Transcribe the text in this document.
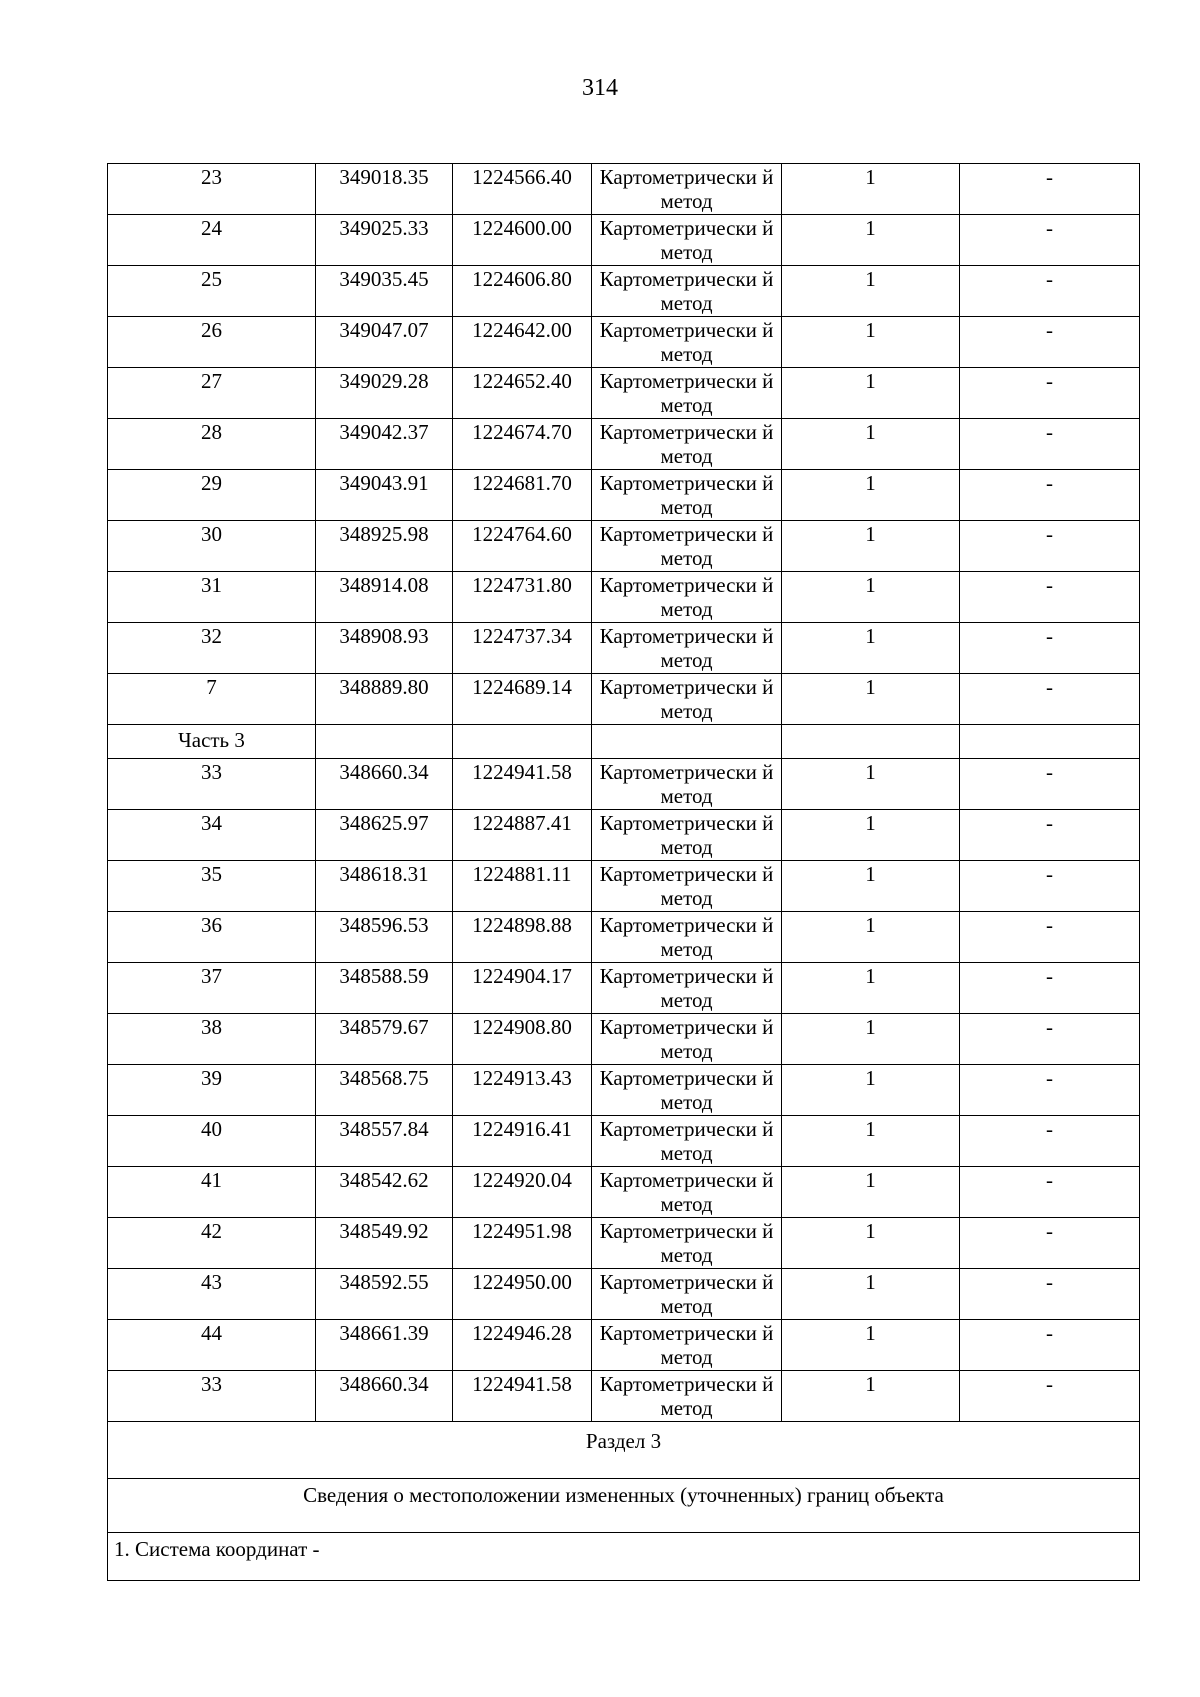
314
23	349018.35	1224566.40	Картометрически й метод	1	-
24	349025.33	1224600.00	Картометрически й метод	1	-
25	349035.45	1224606.80	Картометрически й метод	1	-
26	349047.07	1224642.00	Картометрически й метод	1	-
27	349029.28	1224652.40	Картометрически й метод	1	-
28	349042.37	1224674.70	Картометрически й метод	1	-
29	349043.91	1224681.70	Картометрически й метод	1	-
30	348925.98	1224764.60	Картометрически й метод	1	-
31	348914.08	1224731.80	Картометрически й метод	1	-
32	348908.93	1224737.34	Картометрически й метод	1	-
7	348889.80	1224689.14	Картометрически й метод	1	-
Часть 3					
33	348660.34	1224941.58	Картометрически й метод	1	-
34	348625.97	1224887.41	Картометрически й метод	1	-
35	348618.31	1224881.11	Картометрически й метод	1	-
36	348596.53	1224898.88	Картометрически й метод	1	-
37	348588.59	1224904.17	Картометрически й метод	1	-
38	348579.67	1224908.80	Картометрически й метод	1	-
39	348568.75	1224913.43	Картометрически й метод	1	-
40	348557.84	1224916.41	Картометрически й метод	1	-
41	348542.62	1224920.04	Картометрически й метод	1	-
42	348549.92	1224951.98	Картометрически й метод	1	-
43	348592.55	1224950.00	Картометрически й метод	1	-
44	348661.39	1224946.28	Картометрически й метод	1	-
33	348660.34	1224941.58	Картометрически й метод	1	-
Раздел 3					
Сведения о местоположении измененных (уточненных) границ объекта					
1. Система координат -					
